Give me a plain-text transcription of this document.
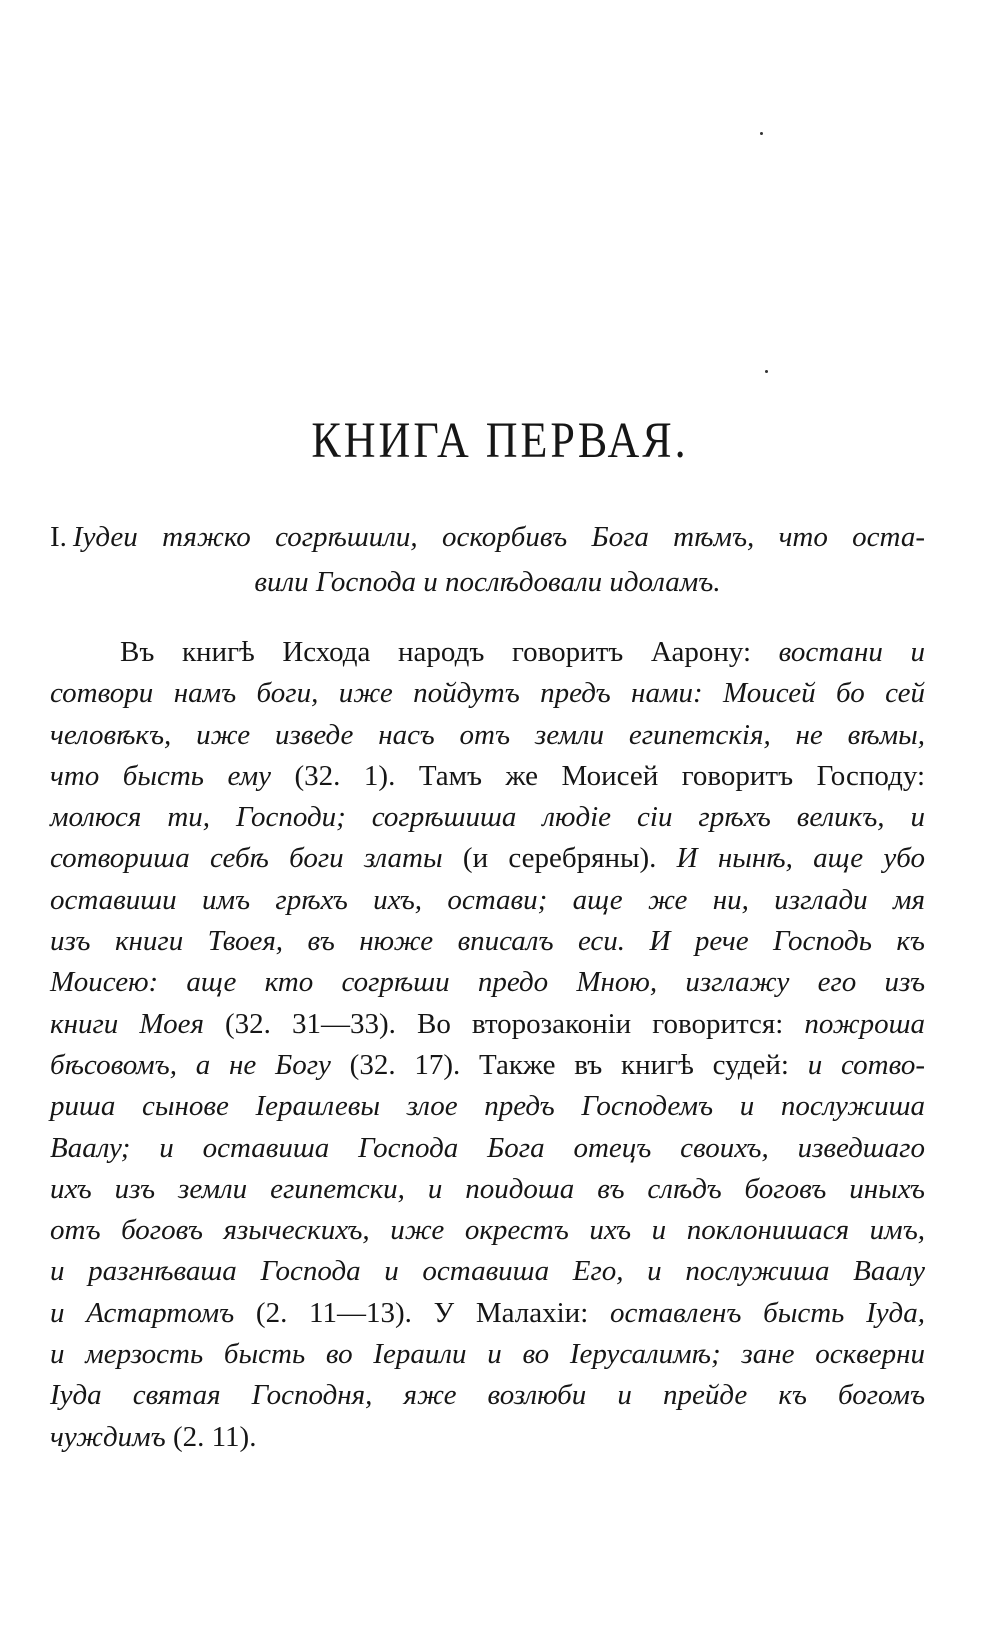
КНИГА ПЕРВАЯ.
I. Іудеи тяжко согрѣшили, оскорбивъ Бога тѣмъ, что оста-
вили Господа и послѣдовали идоламъ.
Въ книгѣ Исхода народъ говоритъ Аарону: востани и
сотвори намъ боги, иже пойдутъ предъ нами: Моисей бо сей
человѣкъ, иже изведе насъ отъ земли египетскія, не вѣмы,
что бысть ему (32. 1). Тамъ же Моисей говоритъ Господу:
молюся ти, Господи; согрѣшиша людіе сіи грѣхъ великъ, и
сотвориша себѣ боги златы (и серебряны). И нынѣ, аще убо
оставиши имъ грѣхъ ихъ, остави; аще же ни, изглади мя
изъ книги Твоея, въ нюже вписалъ еси. И рече Господь къ
Моисею: аще кто согрѣши предо Мною, изглажу его изъ
книги Моея (32. 31—33). Во второзаконіи говорится: пожроша
бѣсовомъ, а не Богу (32. 17). Также въ книгѣ судей: и сотво-
риша сынове Іераилевы злое предъ Господемъ и послужиша
Ваалу; и оставиша Господа Бога отецъ своихъ, изведшаго
ихъ изъ земли египетски, и поидоша въ слѣдъ боговъ иныхъ
отъ боговъ языческихъ, иже окрестъ ихъ и поклонишася имъ,
и разгнѣваша Господа и оставиша Его, и послужиша Ваалу
и Астартомъ (2. 11—13). У Малахіи: оставленъ бысть Іуда,
и мерзость бысть во Іераили и во Іерусалимѣ; зане оскверни
Іуда святая Господня, яже возлюби и прейде къ богомъ
чуждимъ (2. 11).
